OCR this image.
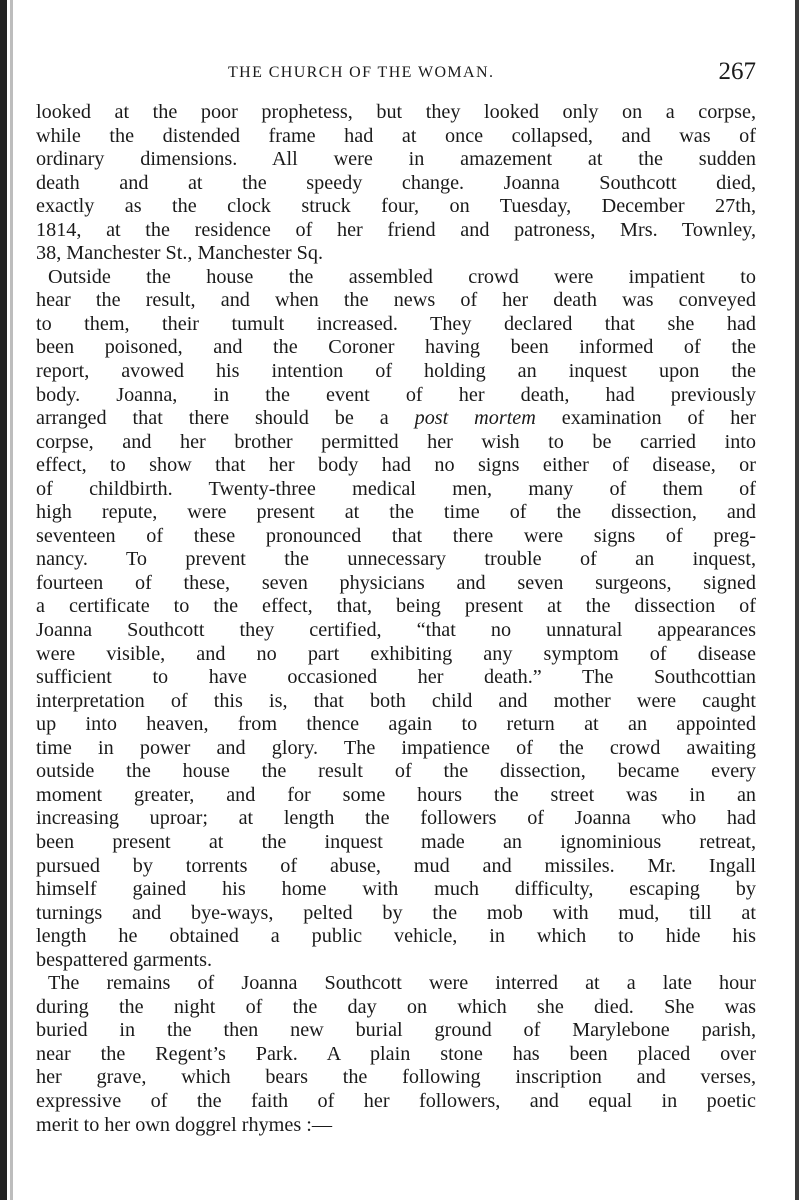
THE CHURCH OF THE WOMAN.	267
looked at the poor prophetess, but they looked only on a corpse,
while the distended frame had at once collapsed, and was of
ordinary dimensions. All were in amazement at the sudden
death and at the speedy change. Joanna Southcott died,
exactly as the clock struck four, on Tuesday, December 27th,
1814, at the residence of her friend and patroness, Mrs. Townley,
38, Manchester St., Manchester Sq.
Outside the house the assembled crowd were impatient to
hear the result, and when the news of her death was conveyed
to them, their tumult increased. They declared that she had
been poisoned, and the Coroner having been informed of the
report, avowed his intention of holding an inquest upon the
body. Joanna, in the event of her death, had previously
arranged that there should be a post mortem examination of her
corpse, and her brother permitted her wish to be carried into
effect, to show that her body had no signs either of disease, or
of childbirth. Twenty-three medical men, many of them of
high repute, were present at the time of the dissection, and
seventeen of these pronounced that there were signs of preg-
nancy. To prevent the unnecessary trouble of an inquest,
fourteen of these, seven physicians and seven surgeons, signed
a certificate to the effect, that, being present at the dissection of
Joanna Southcott they certified, “that no unnatural appearances
were visible, and no part exhibiting any symptom of disease
sufficient to have occasioned her death.” The Southcottian
interpretation of this is, that both child and mother were caught
up into heaven, from thence again to return at an appointed
time in power and glory. The impatience of the crowd awaiting
outside the house the result of the dissection, became every
moment greater, and for some hours the street was in an
increasing uproar; at length the followers of Joanna who had
been present at the inquest made an ignominious retreat,
pursued by torrents of abuse, mud and missiles. Mr. Ingall
himself gained his home with much difficulty, escaping by
turnings and bye-ways, pelted by the mob with mud, till at
length he obtained a public vehicle, in which to hide his
bespattered garments.
The remains of Joanna Southcott were interred at a late hour
during the night of the day on which she died. She was
buried in the then new burial ground of Marylebone parish,
near the Regent’s Park. A plain stone has been placed over
her grave, which bears the following inscription and verses,
expressive of the faith of her followers, and equal in poetic
merit to her own doggrel rhymes :—
